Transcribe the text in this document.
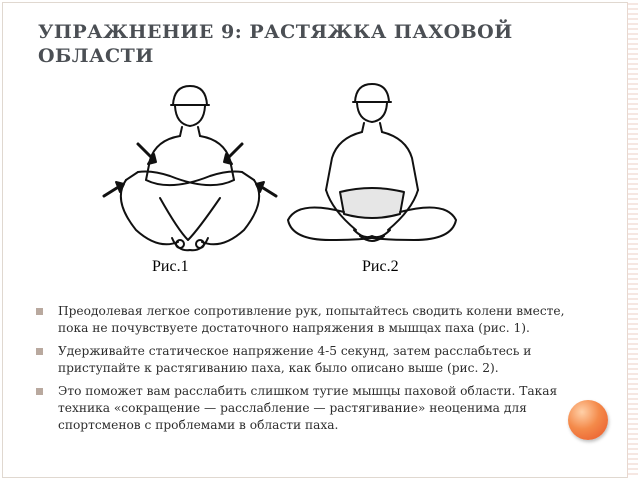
УПРАЖНЕНИЕ 9: РАСТЯЖКА ПАХОВОЙ ОБЛАСТИ
Рис.1	Рис.2
Преодолевая легкое сопротивление рук, попытайтесь сводить колени вместе, пока не почувствуете достаточного напряжения в мышцах паха (рис. 1).
Удерживайте статическое напряжение 4-5 секунд, затем расслабьтесь и приступайте к растягиванию паха, как было описано выше (рис. 2).
Это поможет вам расслабить слишком тугие мышцы паховой области. Такая техника «сокращение — расслабление — растягивание» неоценима для спортсменов с проблемами в области паха.
